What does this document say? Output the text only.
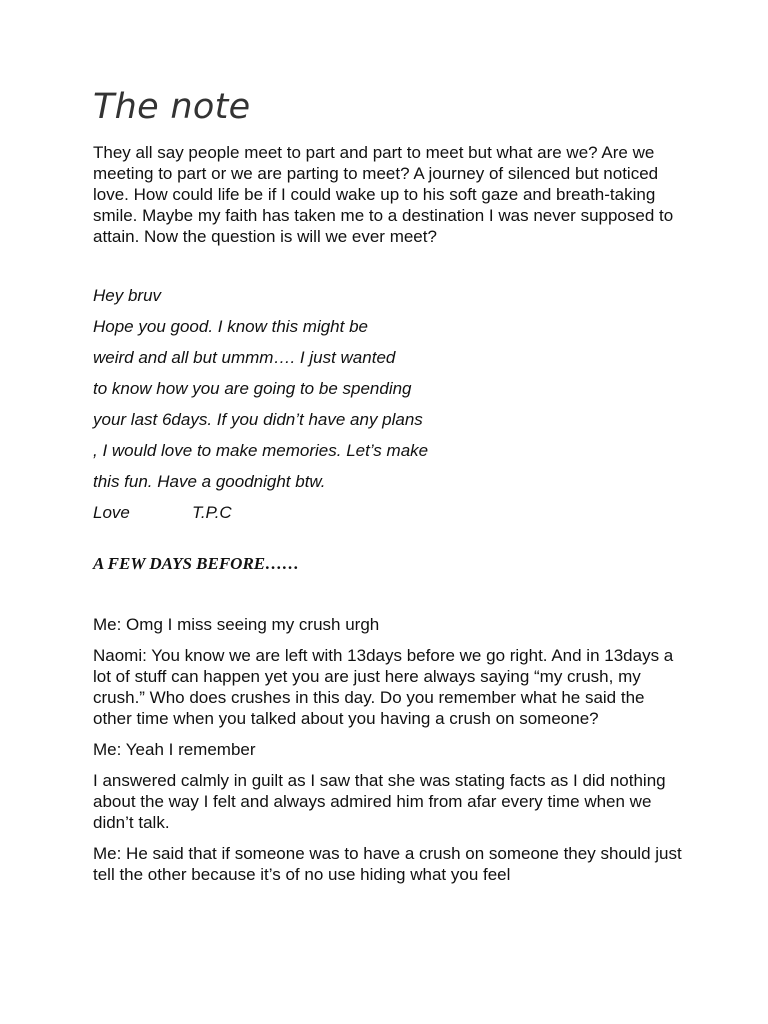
The note

They all say people meet to part and part to meet but what are we? Are we meeting to part or we are parting to meet? A journey of silenced but noticed love. How could life be if I could wake up to his soft gaze and breath-taking smile. Maybe my faith has taken me to a destination I was never supposed to attain. Now the question is will we ever meet?

Hey bruv

Hope you good. I know this might be

weird and all but ummm…. I just wanted

to know how you are going to be spending

your last 6days. If you didn’t have any plans

, I would love to make memories. Let’s make

this fun. Have a goodnight btw.

Love	T.P.C

A FEW DAYS BEFORE……

Me: Omg I miss seeing my crush urgh

Naomi: You know we are left with 13days before we go right. And in 13days a lot of stuff can happen yet you are just here always saying “my crush, my crush.” Who does crushes in this day. Do you remember what he said the other time when you talked about you having a crush on someone?

Me: Yeah I remember

I answered calmly in guilt as I saw that she was stating facts as I did nothing about the way I felt and always admired him from afar every time when we didn’t talk.

Me: He said that if someone was to have a crush on someone they should just tell the other because it’s of no use hiding what you feel
